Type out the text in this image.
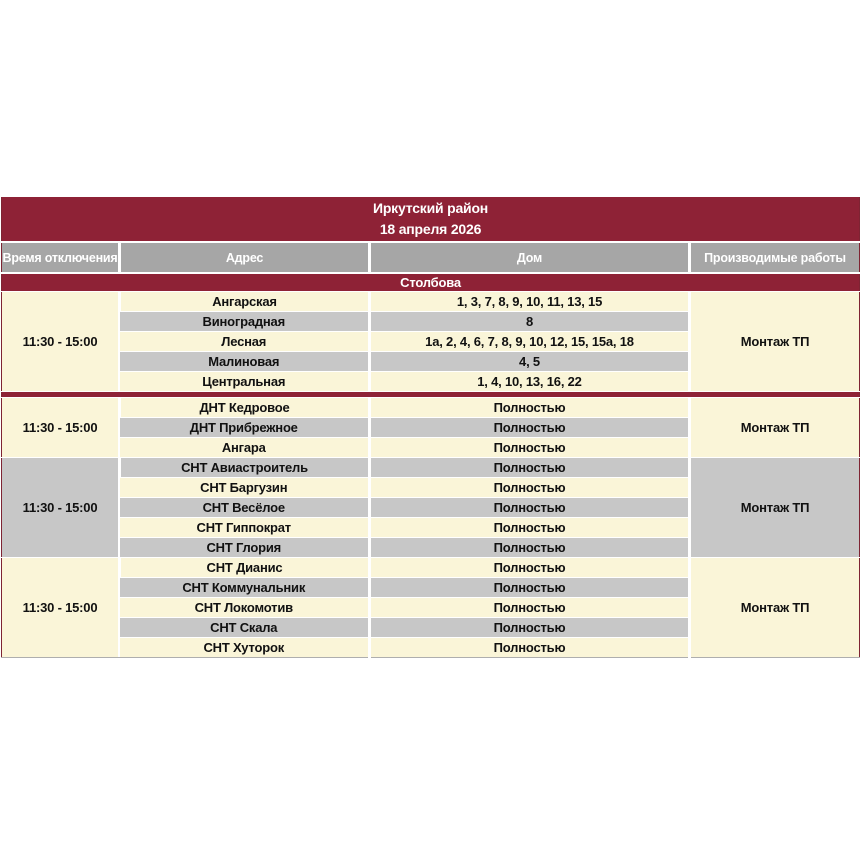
Иркутский район
18 апреля 2026			

Время отключения	Адрес	Дом	Производимые работы
Столбова			
11:30 - 15:00	Ангарская	1, 3, 7, 8, 9, 10, 11, 13, 15	Монтаж ТП
	Виноградная	8	
	Лесная	1а, 2, 4, 6, 7, 8, 9, 10, 12, 15, 15а, 18	
	Малиновая	4, 5	
	Центральная	1, 4, 10, 13, 16, 22	

11:30 - 15:00	ДНТ Кедровое	Полностью	Монтаж ТП
	ДНТ Прибрежное	Полностью	
	Ангара	Полностью	
11:30 - 15:00	СНТ Авиастроитель	Полностью	Монтаж ТП
	СНТ Баргузин	Полностью	
	СНТ Весёлое	Полностью	
	СНТ Гиппократ	Полностью	
	СНТ Глория	Полностью	
11:30 - 15:00	СНТ Дианис	Полностью	Монтаж ТП
	СНТ Коммунальник	Полностью	
	СНТ Локомотив	Полностью	
	СНТ Скала	Полностью	
	СНТ Хуторок	Полностью	
